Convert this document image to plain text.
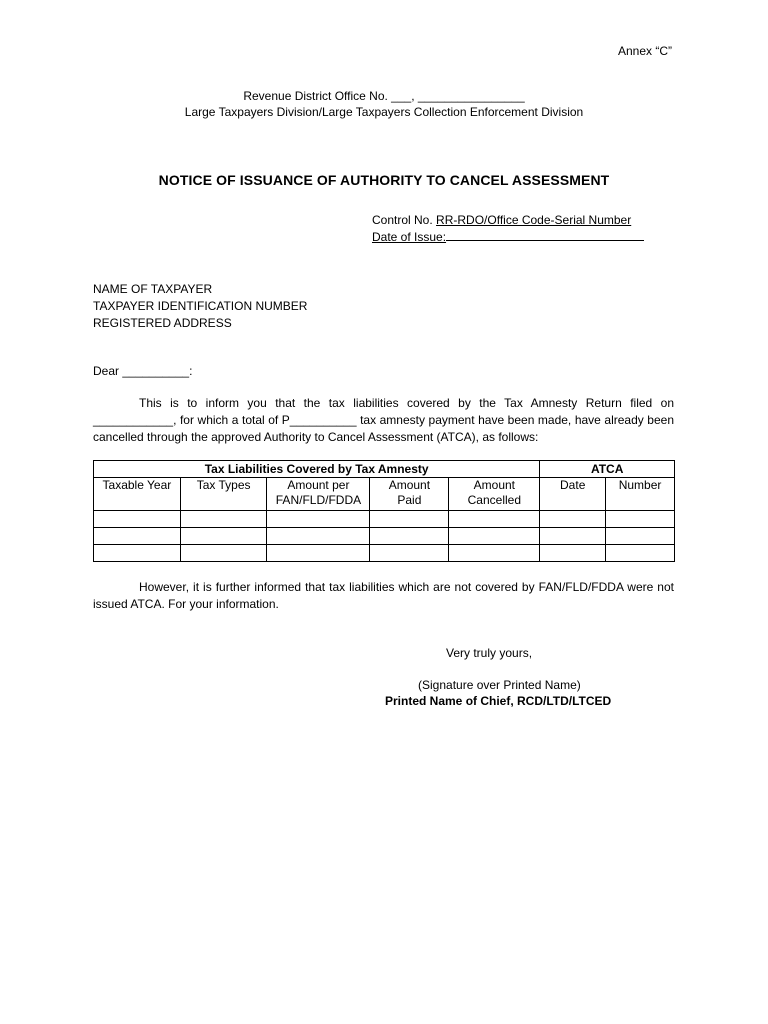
Annex “C”
Revenue District Office No. ___, ________________
Large Taxpayers Division/Large Taxpayers Collection Enforcement Division
NOTICE OF ISSUANCE OF AUTHORITY TO CANCEL ASSESSMENT
Control No. RR-RDO/Office Code-Serial Number
Date of Issue:
NAME OF TAXPAYER
TAXPAYER IDENTIFICATION NUMBER
REGISTERED ADDRESS
Dear __________:
This is to inform you that the tax liabilities covered by the Tax Amnesty Return filed on ____________, for which a total of P__________ tax amnesty payment have been made, have already been cancelled through the approved Authority to Cancel Assessment (ATCA), as follows:
Tax Liabilities Covered by Tax Amnesty					ATCA	
Taxable Year	Tax Types	Amount per FAN/FLD/FDDA	Amount Paid	Amount Cancelled	Date	Number

However, it is further informed that tax liabilities which are not covered by FAN/FLD/FDDA were not issued ATCA. For your information.
Very truly yours,
(Signature over Printed Name)
Printed Name of Chief, RCD/LTD/LTCED
